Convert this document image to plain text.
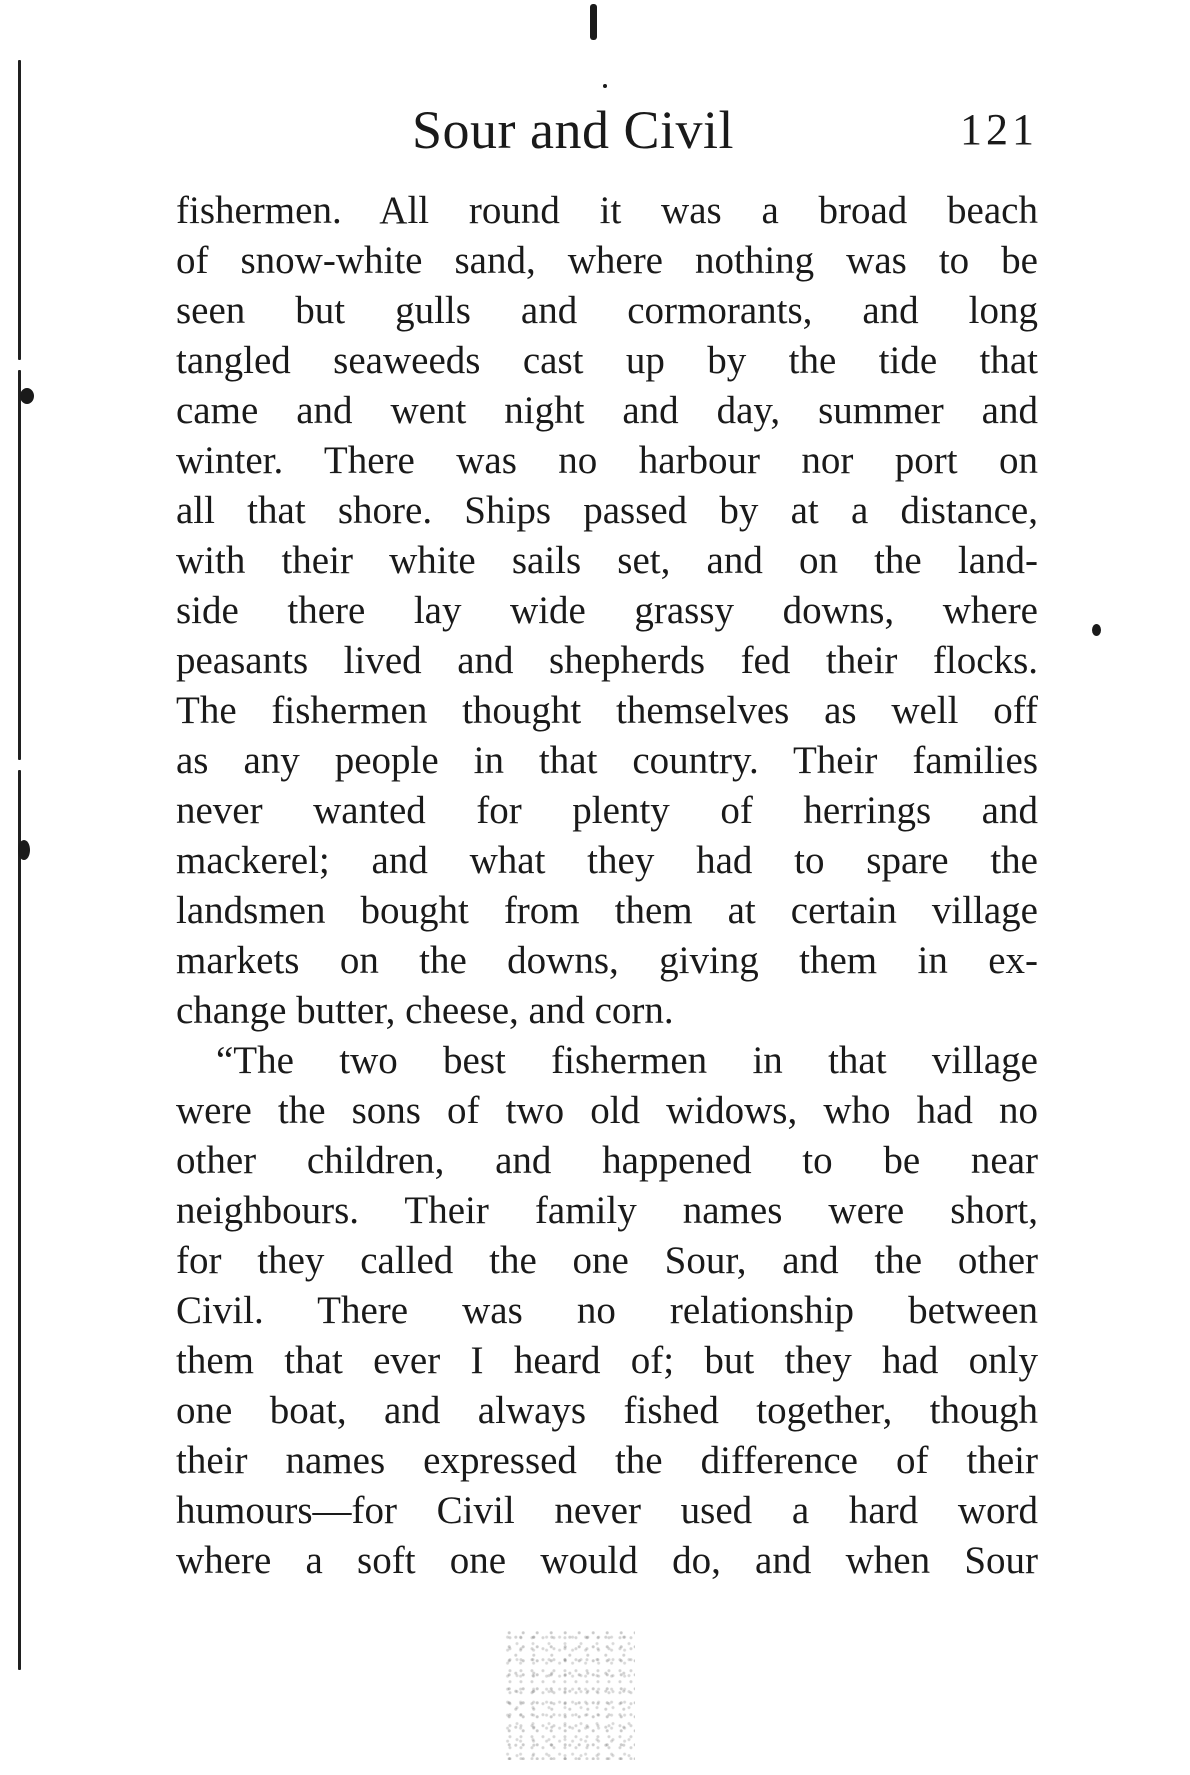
Sour and Civil	121
fishermen. All round it was a broad beach
of snow-white sand, where nothing was to be
seen but gulls and cormorants, and long
tangled seaweeds cast up by the tide that
came and went night and day, summer and
winter. There was no harbour nor port on
all that shore. Ships passed by at a distance,
with their white sails set, and on the land-
side there lay wide grassy downs, where
peasants lived and shepherds fed their flocks.
The fishermen thought themselves as well off
as any people in that country. Their families
never wanted for plenty of herrings and
mackerel; and what they had to spare the
landsmen bought from them at certain village
markets on the downs, giving them in ex-
change butter, cheese, and corn.
“The two best fishermen in that village
were the sons of two old widows, who had no
other children, and happened to be near
neighbours. Their family names were short,
for they called the one Sour, and the other
Civil. There was no relationship between
them that ever I heard of; but they had only
one boat, and always fished together, though
their names expressed the difference of their
humours—for Civil never used a hard word
where a soft one would do, and when Sour
